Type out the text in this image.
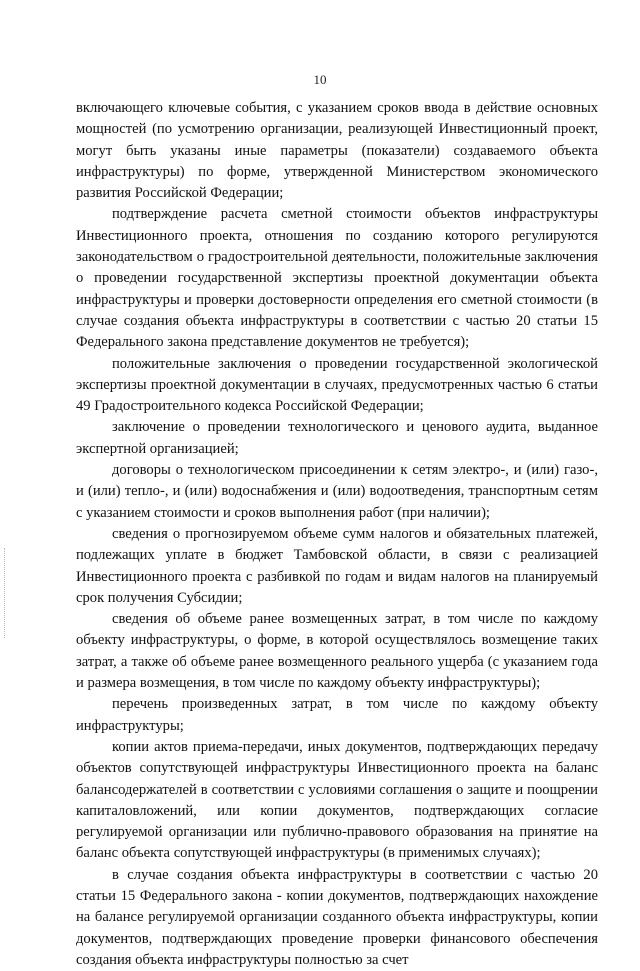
10

включающего ключевые события, с указанием сроков ввода в действие основных мощностей (по усмотрению организации, реализующей Инвестиционный проект, могут быть указаны иные параметры (показатели) создаваемого объекта инфраструктуры) по форме, утвержденной Министерством экономического развития Российской Федерации;

подтверждение расчета сметной стоимости объектов инфраструктуры Инвестиционного проекта, отношения по созданию которого регулируются законодательством о градостроительной деятельности, положительные заключения о проведении государственной экспертизы проектной документации объекта инфраструктуры и проверки достоверности определения его сметной стоимости (в случае создания объекта инфраструктуры в соответствии с частью 20 статьи 15 Федерального закона представление документов не требуется);

положительные заключения о проведении государственной экологической экспертизы проектной документации в случаях, предусмотренных частью 6 статьи 49 Градостроительного кодекса Российской Федерации;

заключение о проведении технологического и ценового аудита, выданное экспертной организацией;

договоры о технологическом присоединении к сетям электро-, и (или) газо-, и (или) тепло-, и (или) водоснабжения и (или) водоотведения, транспортным сетям с указанием стоимости и сроков выполнения работ (при наличии);

сведения о прогнозируемом объеме сумм налогов и обязательных платежей, подлежащих уплате в бюджет Тамбовской области, в связи с реализацией Инвестиционного проекта с разбивкой по годам и видам налогов на планируемый срок получения Субсидии;

сведения об объеме ранее возмещенных затрат, в том числе по каждому объекту инфраструктуры, о форме, в которой осуществлялось возмещение таких затрат, а также об объеме ранее возмещенного реального ущерба (с указанием года и размера возмещения, в том числе по каждому объекту инфраструктуры);

перечень произведенных затрат, в том числе по каждому объекту инфраструктуры;

копии актов приема-передачи, иных документов, подтверждающих передачу объектов сопутствующей инфраструктуры Инвестиционного проекта на баланс балансодержателей в соответствии с условиями соглашения о защите и поощрении капиталовложений, или копии документов, подтверждающих согласие регулируемой организации или публично-правового образования на принятие на баланс объекта сопутствующей инфраструктуры (в применимых случаях);

в случае создания объекта инфраструктуры в соответствии с частью 20 статьи 15 Федерального закона - копии документов, подтверждающих нахождение на балансе регулируемой организации созданного объекта инфраструктуры, копии документов, подтверждающих проведение проверки финансового обеспечения создания объекта инфраструктуры полностью за счет
